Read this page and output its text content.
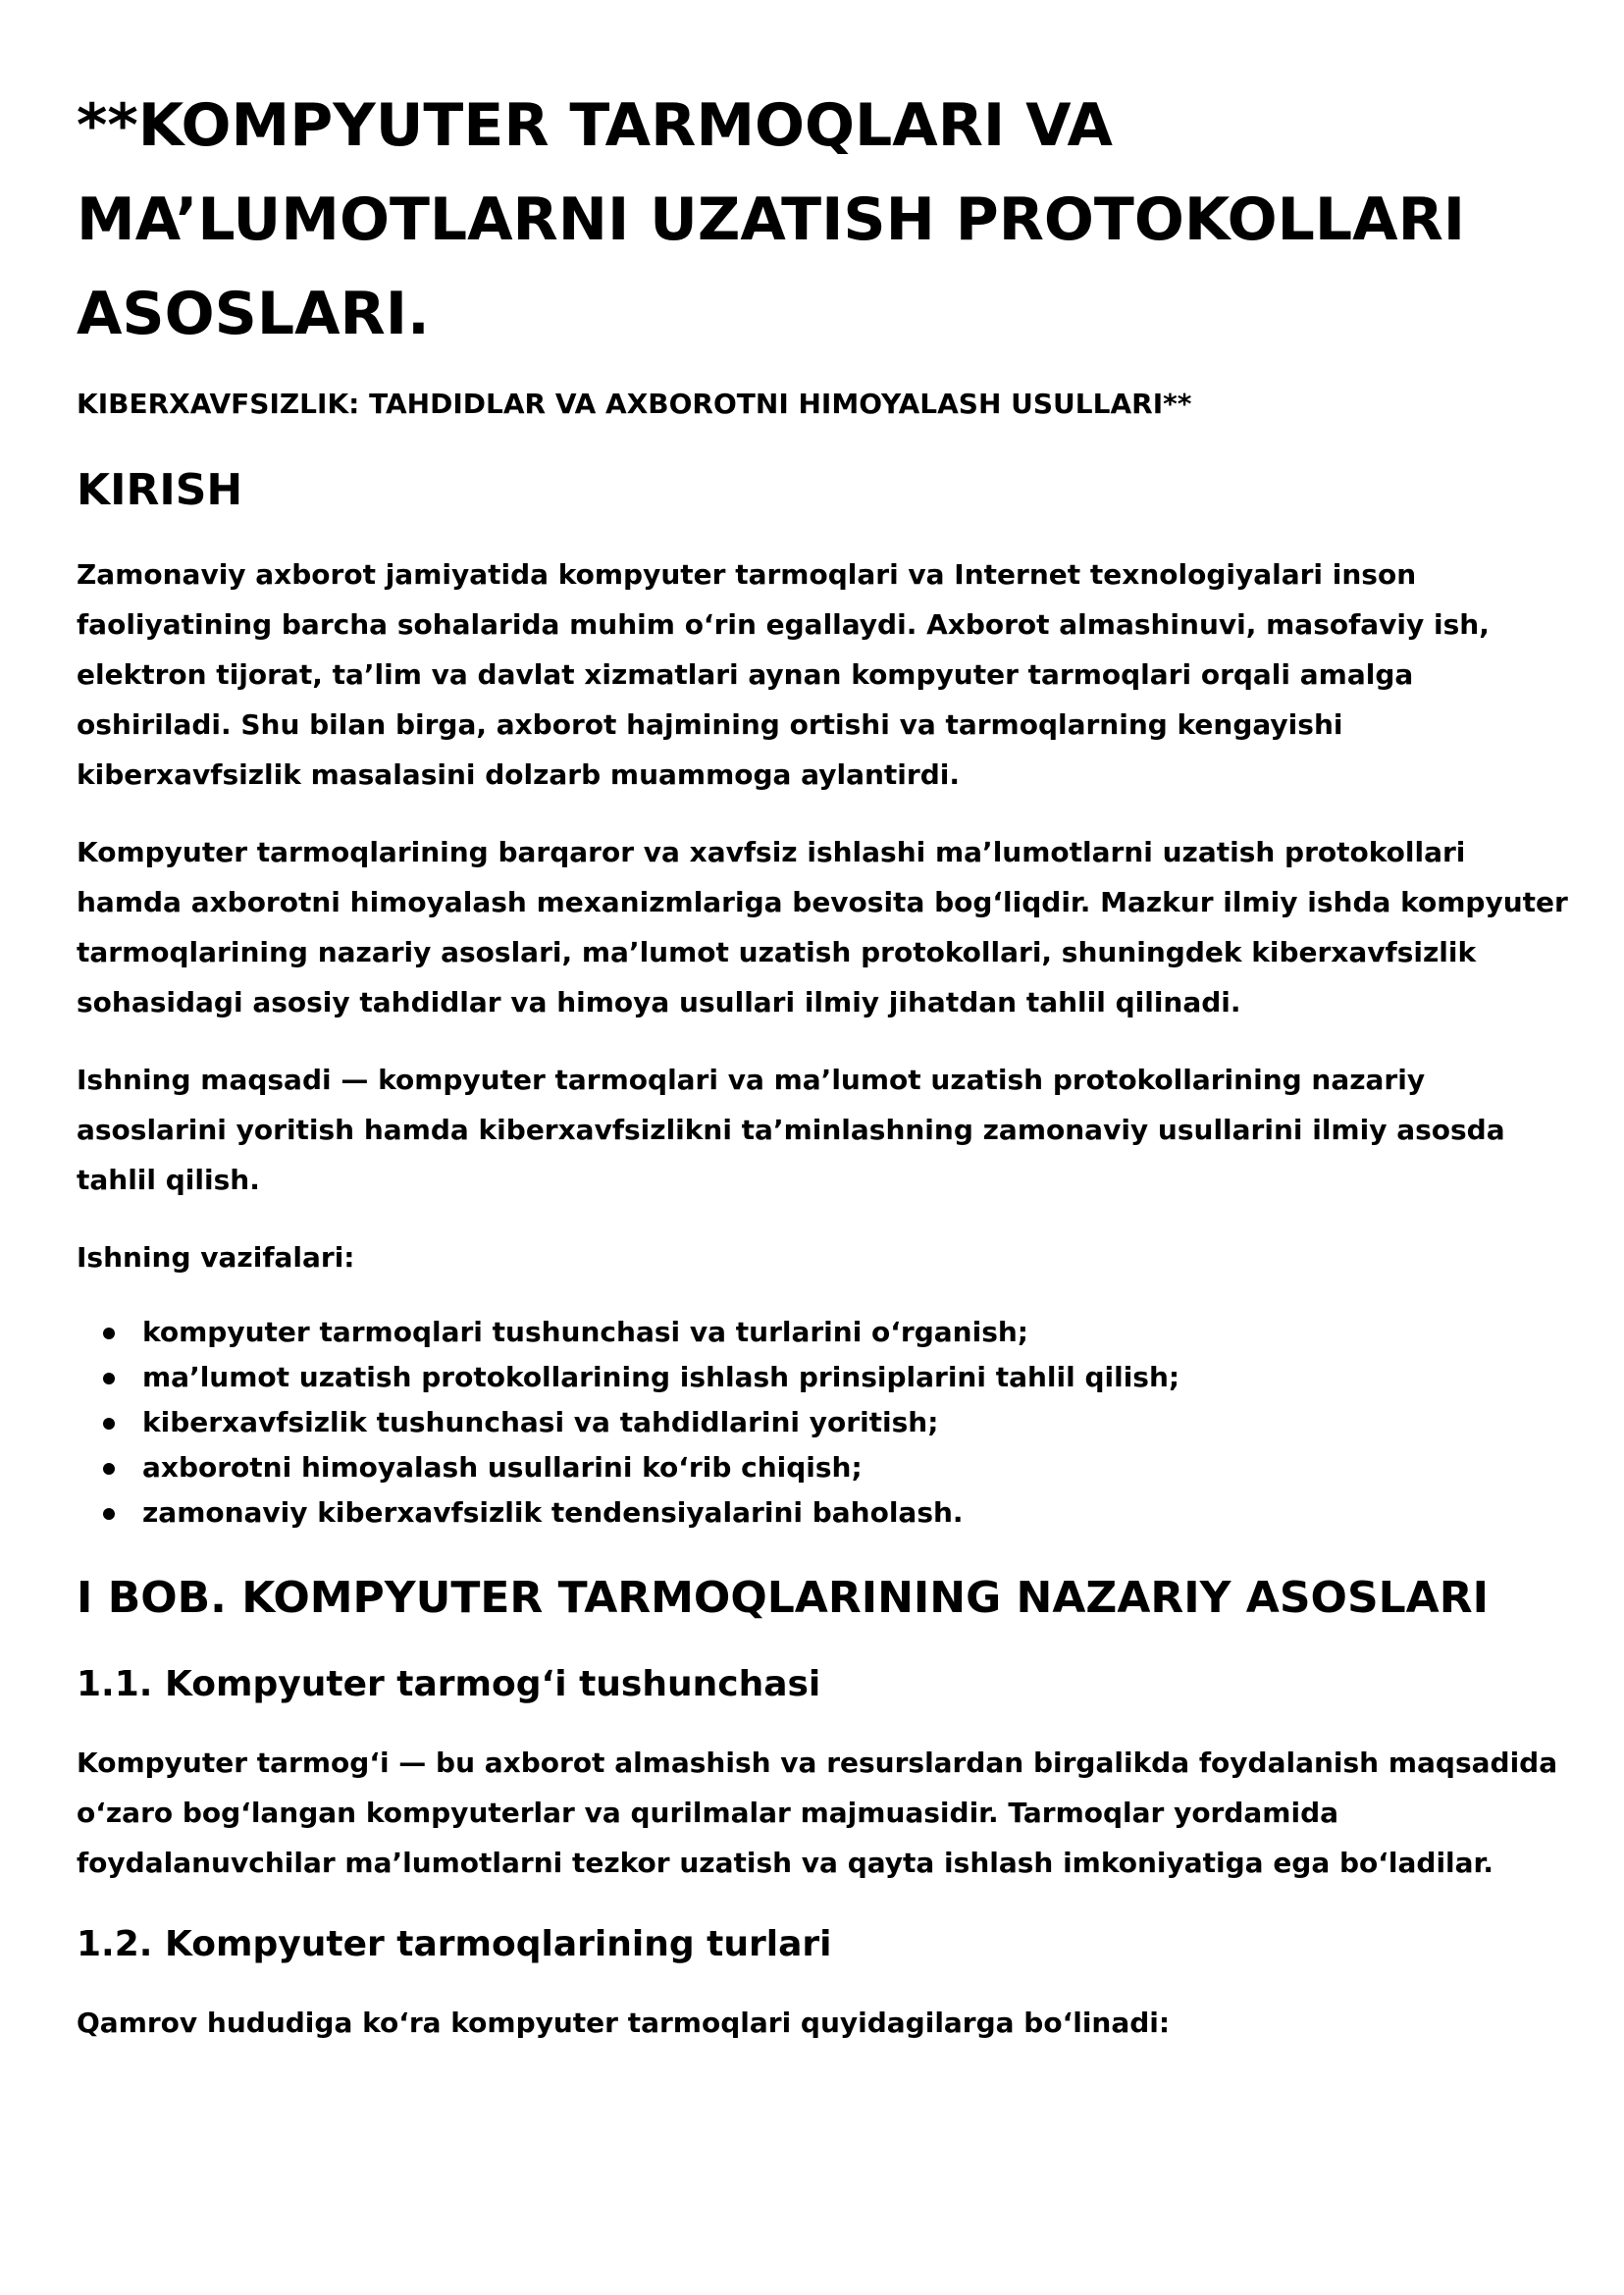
**KOMPYUTER TARMOQLARI VA MA’LUMOTLARNI UZATISH PROTOKOLLARI ASOSLARI.
KIBERXAVFSIZLIK: TAHDIDLAR VA AXBOROTNI HIMOYALASH USULLARI**
KIRISH

Zamonaviy axborot jamiyatida kompyuter tarmoqlari va Internet texnologiyalari inson faoliyatining barcha sohalarida muhim oʻrin egallaydi. Axborot almashinuvi, masofaviy ish, elektron tijorat, taʼlim va davlat xizmatlari aynan kompyuter tarmoqlari orqali amalga oshiriladi. Shu bilan birga, axborot hajmining ortishi va tarmoqlarning kengayishi kiberxavfsizlik masalasini dolzarb muammoga aylantirdi.

Kompyuter tarmoqlarining barqaror va xavfsiz ishlashi maʼlumotlarni uzatish protokollari hamda axborotni himoyalash mexanizmlariga bevosita bogʻliqdir. Mazkur ilmiy ishda kompyuter tarmoqlarining nazariy asoslari, maʼlumot uzatish protokollari, shuningdek kiberxavfsizlik sohasidagi asosiy tahdidlar va himoya usullari ilmiy jihatdan tahlil qilinadi.

Ishning maqsadi — kompyuter tarmoqlari va maʼlumot uzatish protokollarining nazariy asoslarini yoritish hamda kiberxavfsizlikni taʼminlashning zamonaviy usullarini ilmiy asosda tahlil qilish.

Ishning vazifalari:

kompyuter tarmoqlari tushunchasi va turlarini oʻrganish;
maʼlumot uzatish protokollarining ishlash prinsiplarini tahlil qilish;
kiberxavfsizlik tushunchasi va tahdidlarini yoritish;
axborotni himoyalash usullarini koʻrib chiqish;
zamonaviy kiberxavfsizlik tendensiyalarini baholash.
I BOB. KOMPYUTER TARMOQLARINING NAZARIY ASOSLARI
1.1. Kompyuter tarmogʻi tushunchasi

Kompyuter tarmogʻi — bu axborot almashish va resurslardan birgalikda foydalanish maqsadida oʻzaro bogʻlangan kompyuterlar va qurilmalar majmuasidir. Tarmoqlar yordamida foydalanuvchilar maʼlumotlarni tezkor uzatish va qayta ishlash imkoniyatiga ega boʻladilar.

1.2. Kompyuter tarmoqlarining turlari

Qamrov hududiga koʻra kompyuter tarmoqlari quyidagilarga boʻlinadi:
